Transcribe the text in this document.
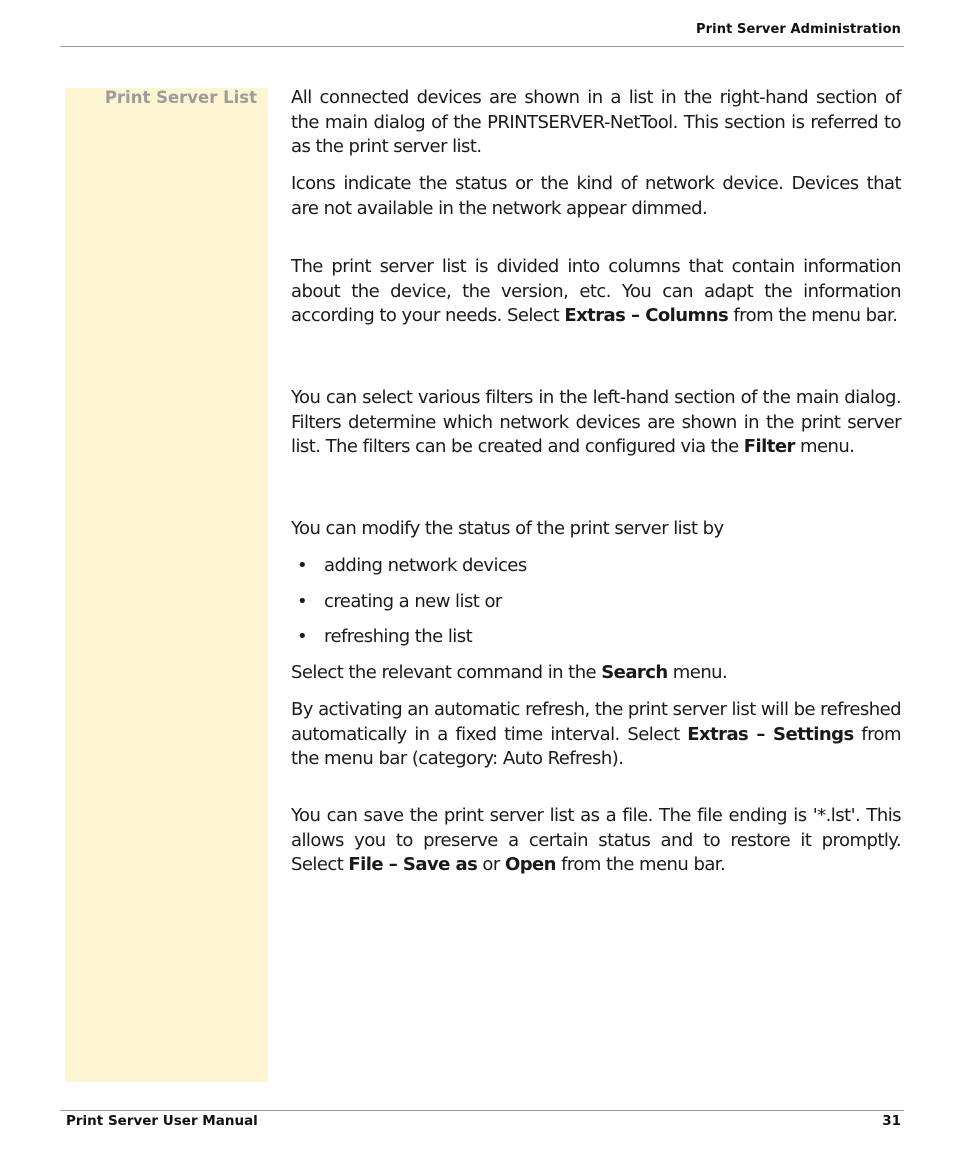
Print Server Administration
Print Server List All connected devices are shown in a list in the right-hand section of the main dialog of the PRINTSERVER-NetTool. This section is referred to as the print server list.

Icons indicate the status or the kind of network device. Devices that are not available in the network appear dimmed.

The print server list is divided into columns that contain information about the device, the version, etc. You can adapt the information according to your needs. Select Extras – Columns from the menu bar.

You can select various filters in the left-hand section of the main dialog. Filters determine which network devices are shown in the print server list. The filters can be created and configured via the Filter menu.

You can modify the status of the print server list by

• adding network devices
• creating a new list or
• refreshing the list

Select the relevant command in the Search menu.

By activating an automatic refresh, the print server list will be refreshed automatically in a fixed time interval. Select Extras – Settings from the menu bar (category: Auto Refresh).

You can save the print server list as a file. The file ending is '*.lst'. This allows you to preserve a certain status and to restore it promptly. Select File – Save as or Open from the menu bar.

Print Server User Manual	31
